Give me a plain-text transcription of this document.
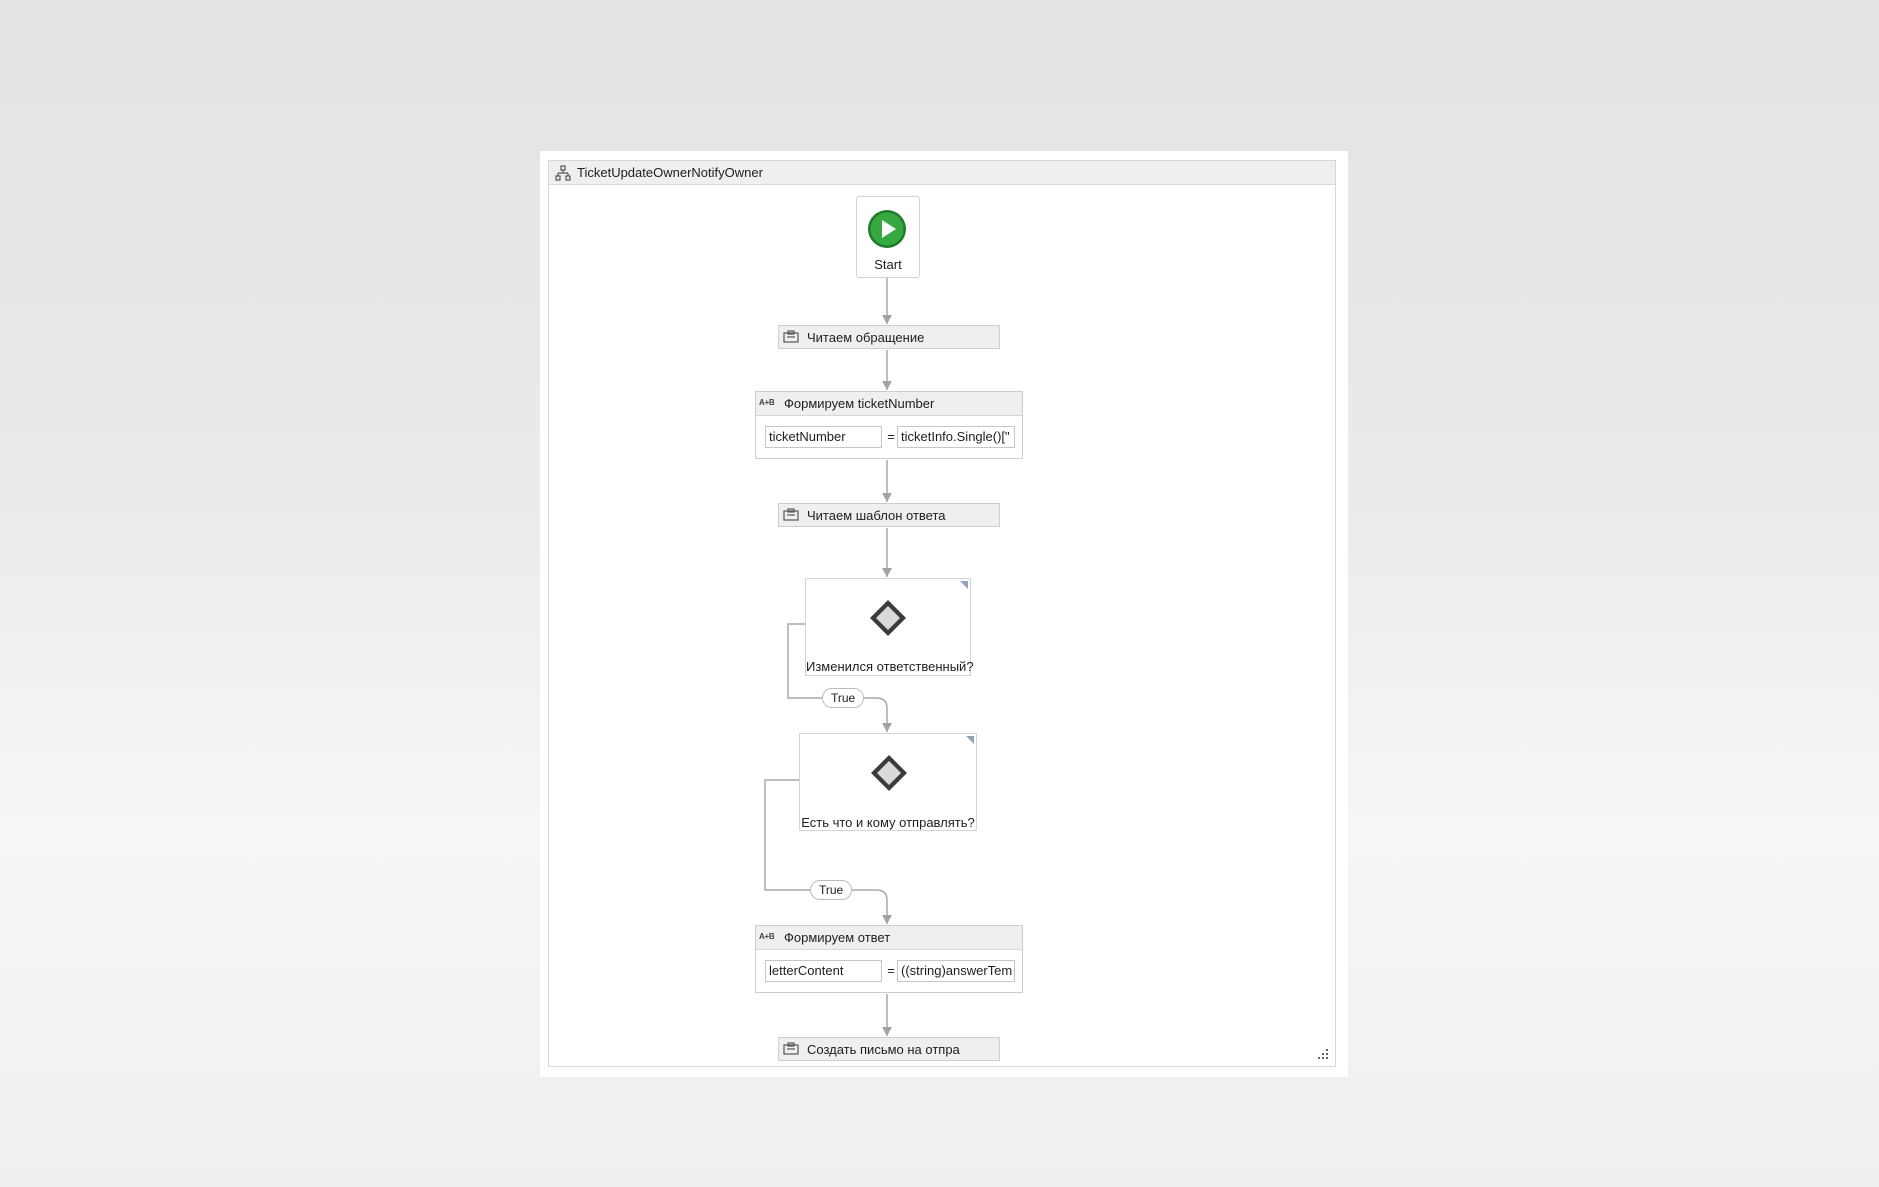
TicketUpdateOwnerNotifyOwner
Start
Читаем обращение
A+B Формируем ticketNumber
ticketNumber	= ticketInfo.Single()["
Читаем шаблон ответа
Изменился ответственный?
True
Есть что и кому отправлять?
True
A+B Формируем ответ
letterContent	= ((string)answerTem
Создать письмо на отпра
